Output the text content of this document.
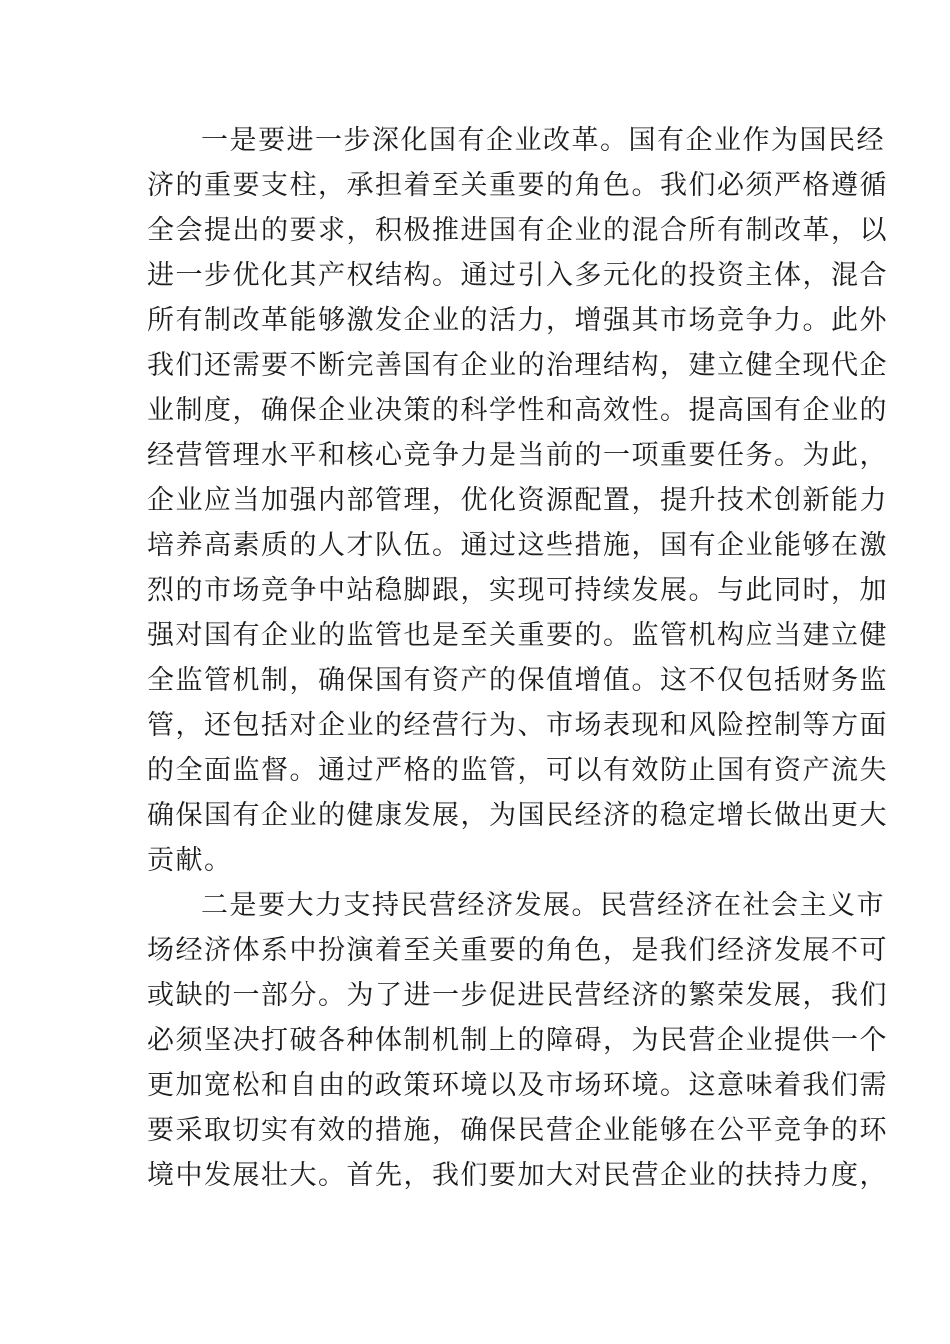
一是要进一步深化国有企业改革。国有企业作为国民经
济的重要支柱，承担着至关重要的角色。我们必须严格遵循
全会提出的要求，积极推进国有企业的混合所有制改革，以
进一步优化其产权结构。通过引入多元化的投资主体，混合
所有制改革能够激发企业的活力，增强其市场竞争力。此外
我们还需要不断完善国有企业的治理结构，建立健全现代企
业制度，确保企业决策的科学性和高效性。提高国有企业的
经营管理水平和核心竞争力是当前的一项重要任务。为此，
企业应当加强内部管理，优化资源配置，提升技术创新能力
培养高素质的人才队伍。通过这些措施，国有企业能够在激
烈的市场竞争中站稳脚跟，实现可持续发展。与此同时，加
强对国有企业的监管也是至关重要的。监管机构应当建立健
全监管机制，确保国有资产的保值增值。这不仅包括财务监
管，还包括对企业的经营行为、市场表现和风险控制等方面
的全面监督。通过严格的监管，可以有效防止国有资产流失
确保国有企业的健康发展，为国民经济的稳定增长做出更大
贡献。
二是要大力支持民营经济发展。民营经济在社会主义市
场经济体系中扮演着至关重要的角色，是我们经济发展不可
或缺的一部分。为了进一步促进民营经济的繁荣发展，我们
必须坚决打破各种体制机制上的障碍，为民营企业提供一个
更加宽松和自由的政策环境以及市场环境。这意味着我们需
要采取切实有效的措施，确保民营企业能够在公平竞争的环
境中发展壮大。首先，我们要加大对民营企业的扶持力度，
